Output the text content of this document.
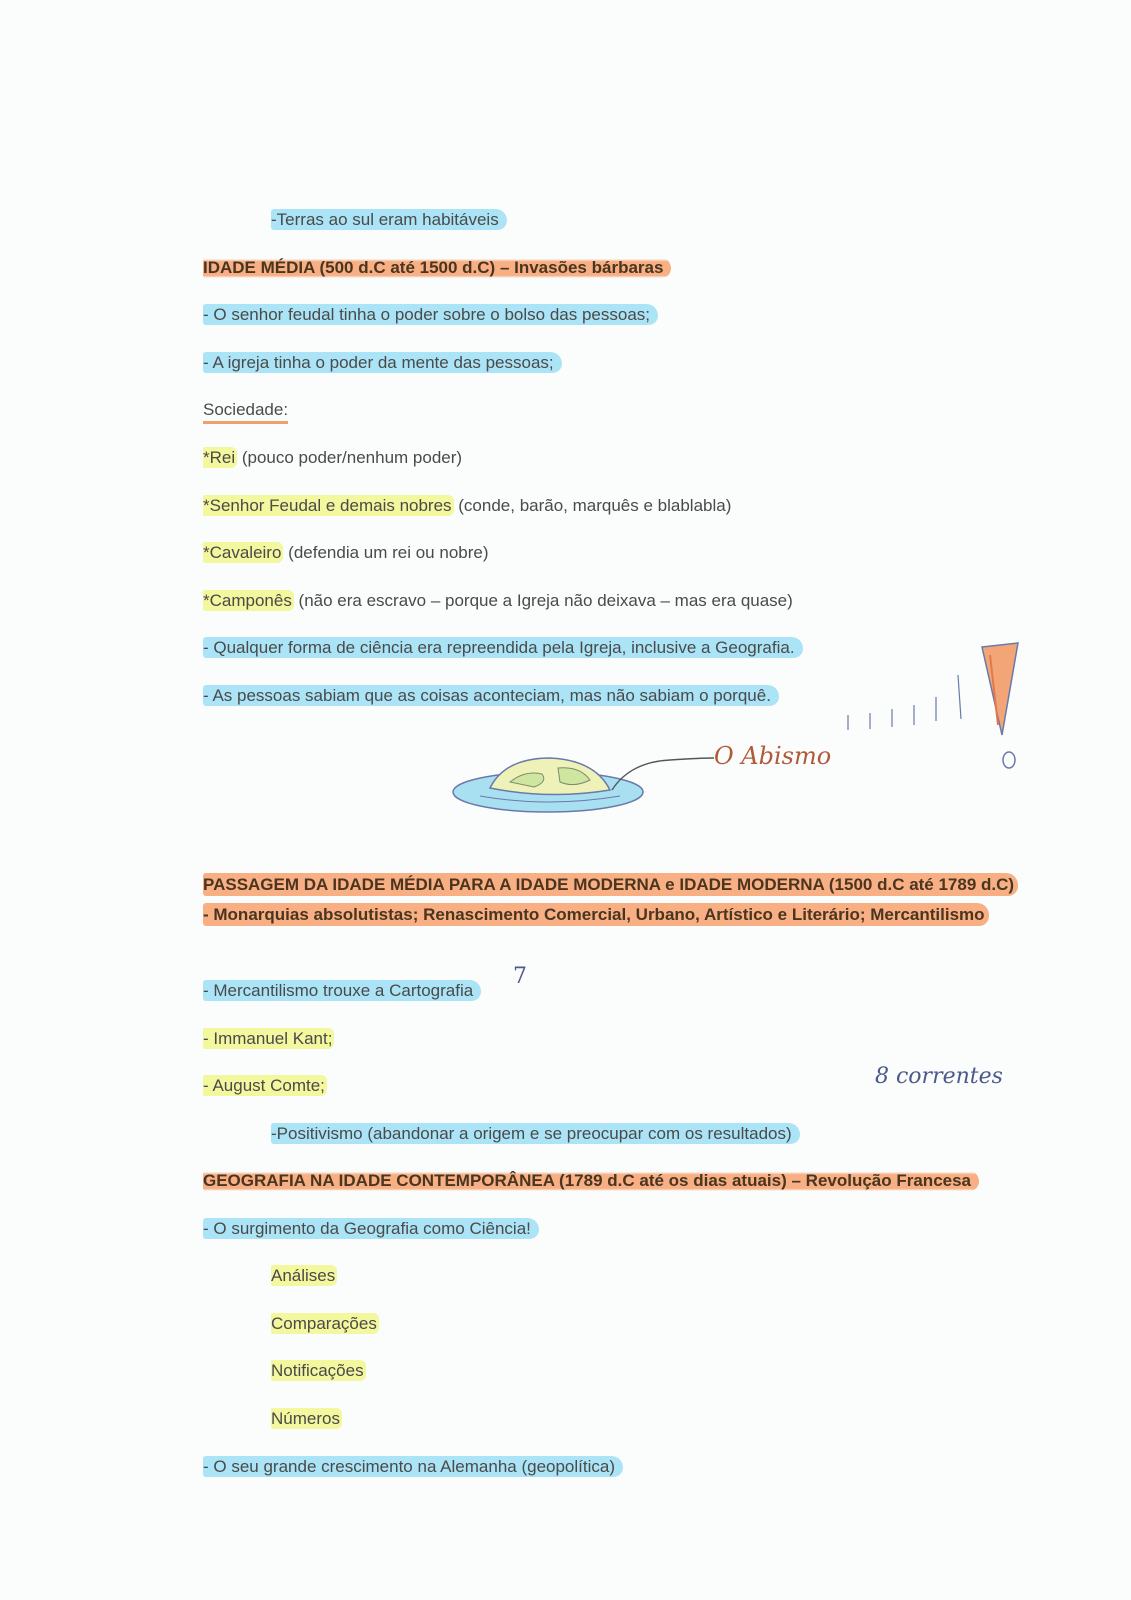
-Terras ao sul eram habitáveis
IDADE MÉDIA (500 d.C até 1500 d.C) – Invasões bárbaras
- O senhor feudal tinha o poder sobre o bolso das pessoas;
- A igreja tinha o poder da mente das pessoas;
Sociedade:
*Rei (pouco poder/nenhum poder)
*Senhor Feudal e demais nobres (conde, barão, marquês e blablabla)
*Cavaleiro (defendia um rei ou nobre)
*Camponês (não era escravo – porque a Igreja não deixava – mas era quase)
- Qualquer forma de ciência era repreendida pela Igreja, inclusive a Geografia.
- As pessoas sabiam que as coisas aconteciam, mas não sabiam o porquê.
O Abismo
PASSAGEM DA IDADE MÉDIA PARA A IDADE MODERNA e IDADE MODERNA (1500 d.C até 1789 d.C) - Monarquias absolutistas; Renascimento Comercial, Urbano, Artístico e Literário; Mercantilismo
- Mercantilismo trouxe a Cartografia
7
- Immanuel Kant;
- August Comte;	8 correntes
-Positivismo (abandonar a origem e se preocupar com os resultados)
GEOGRAFIA NA IDADE CONTEMPORÂNEA (1789 d.C até os dias atuais) – Revolução Francesa
- O surgimento da Geografia como Ciência!
Análises
Comparações
Notificações
Números
- O seu grande crescimento na Alemanha (geopolítica)
